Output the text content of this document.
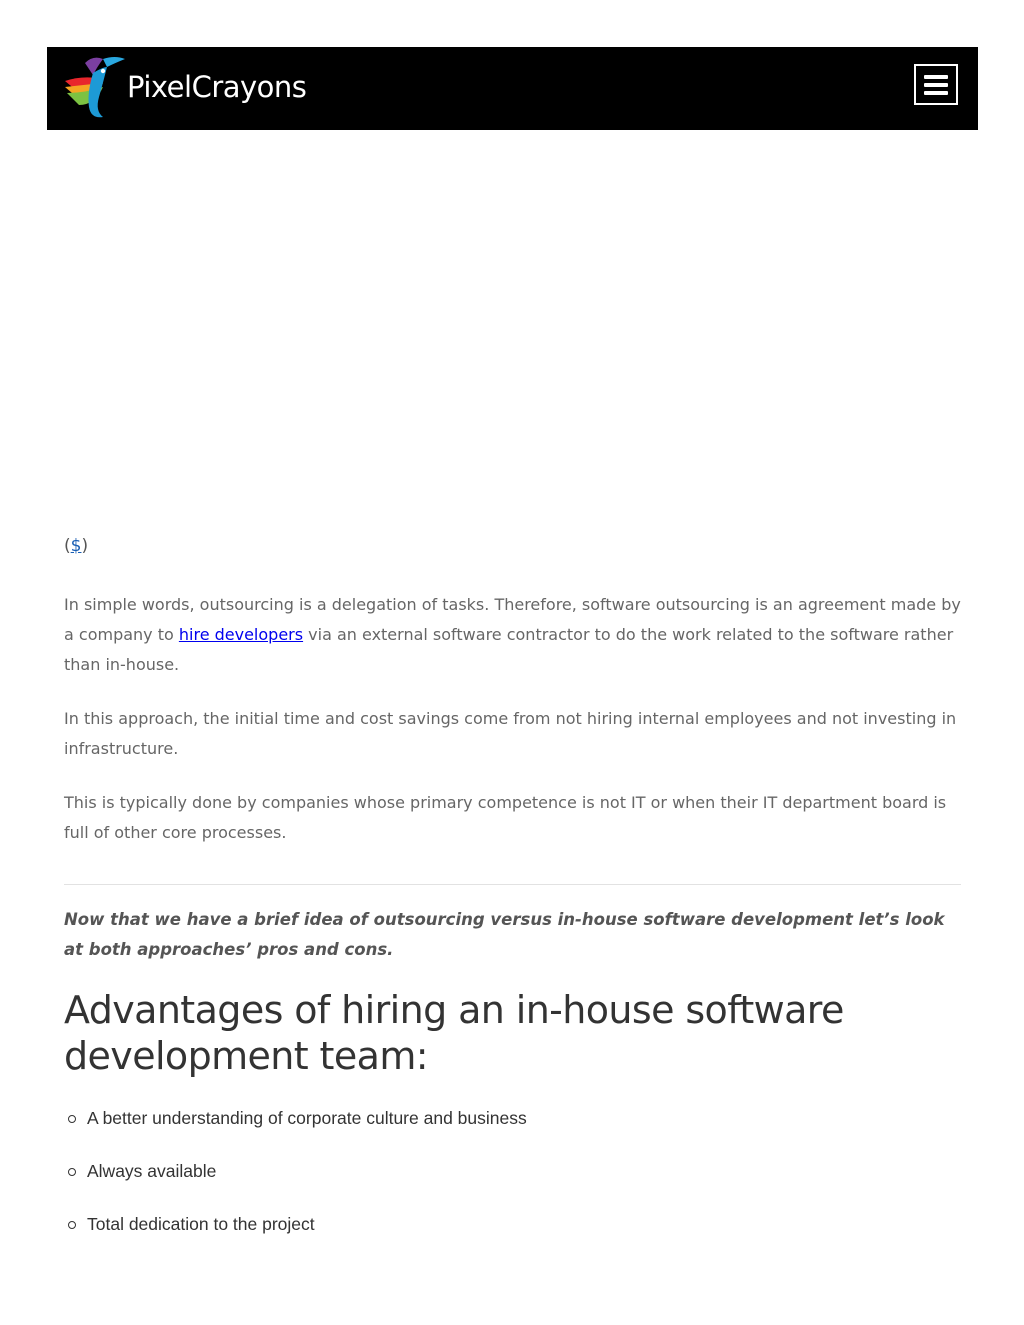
PixelCrayons

($)

In simple words, outsourcing is a delegation of tasks. Therefore, software outsourcing is an agreement made by a company to hire developers via an external software contractor to do the work related to the software rather than in-house.

In this approach, the initial time and cost savings come from not hiring internal employees and not investing in infrastructure.

This is typically done by companies whose primary competence is not IT or when their IT department board is full of other core processes.

Now that we have a brief idea of outsourcing versus in-house software development let’s look at both approaches’ pros and cons.

Advantages of hiring an in-house software development team:
A better understanding of corporate culture and business
Always available
Total dedication to the project
